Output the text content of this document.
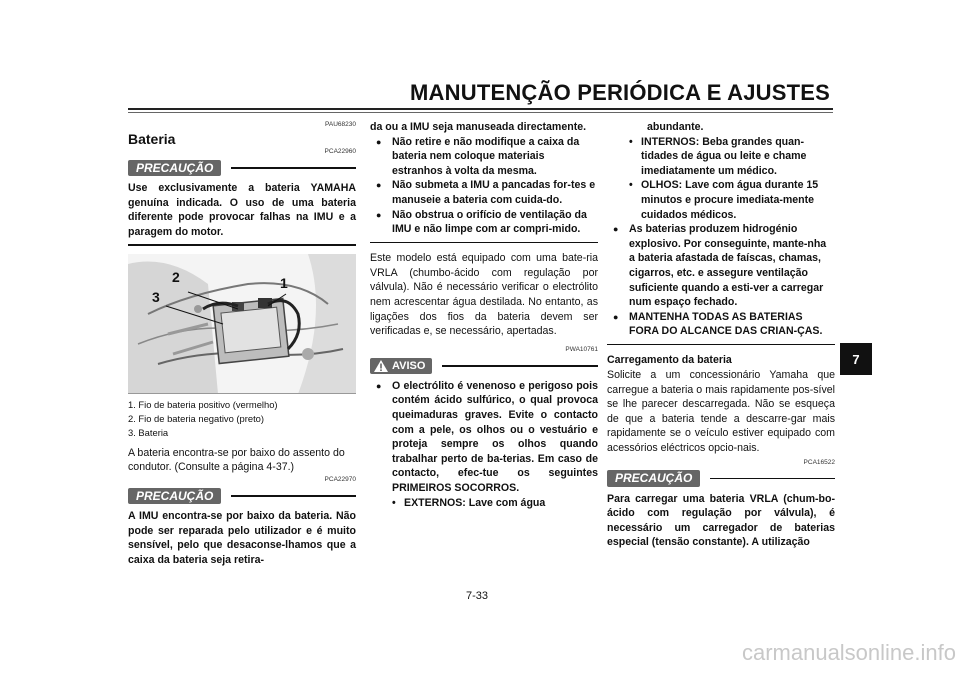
MANUTENÇÃO PERIÓDICA E AJUSTES
7
PAU68230
Bateria
PCA22960
PRECAUÇÃO
Use exclusivamente a bateria YAMAHA genuína indicada. O uso de uma bateria diferente pode provocar falhas na IMU e a paragem do motor.
2	1
3
1. Fio de bateria positivo (vermelho)
2. Fio de bateria negativo (preto)
3. Bateria
A bateria encontra-se por baixo do assento do condutor. (Consulte a página 4-37.)
PCA22970
PRECAUÇÃO
A IMU encontra-se por baixo da bateria. Não pode ser reparada pelo utilizador e é muito sensível, pelo que desaconse-lhamos que a caixa da bateria seja retira-
da ou a IMU seja manuseada directamente.
● Não retire e não modifique a caixa da bateria nem coloque materiais estranhos à volta da mesma.
● Não submeta a IMU a pancadas for-tes e manuseie a bateria com cuida-do.
● Não obstrua o orifício de ventilação da IMU e não limpe com ar compri-mido.
Este modelo está equipado com uma bate-ria VRLA (chumbo-ácido com regulação por válvula). Não é necessário verificar o electrólito nem acrescentar água destilada. No entanto, as ligações dos fios da bateria devem ser verificadas e, se necessário, apertadas.
PWA10761
AVISO
● O electrólito é venenoso e perigoso pois contém ácido sulfúrico, o qual provoca queimaduras graves. Evite o contacto com a pele, os olhos ou o vestuário e proteja sempre os olhos quando trabalhar perto de ba-terias. Em caso de contacto, efec-tue os seguintes PRIMEIROS SOCORROS.
• EXTERNOS: Lave com água
abundante.
• INTERNOS: Beba grandes quan-tidades de água ou leite e chame imediatamente um médico.
• OLHOS: Lave com água durante 15 minutos e procure imediata-mente cuidados médicos.
● As baterias produzem hidrogénio explosivo. Por conseguinte, mante-nha a bateria afastada de faíscas, chamas, cigarros, etc. e assegure ventilação suficiente quando a esti-ver a carregar num espaço fechado.
● MANTENHA TODAS AS BATERIAS FORA DO ALCANCE DAS CRIAN-ÇAS.
Carregamento da bateria
Solicite a um concessionário Yamaha que carregue a bateria o mais rapidamente pos-sível se lhe parecer descarregada. Não se esqueça de que a bateria tende a descarre-gar mais rapidamente se o veículo estiver equipado com acessórios eléctricos opcio-nais.
PCA16522
PRECAUÇÃO
Para carregar uma bateria VRLA (chum-bo-ácido com regulação por válvula), é necessário um carregador de baterias especial (tensão constante). A utilização
7-33
carmanualsonline.info
